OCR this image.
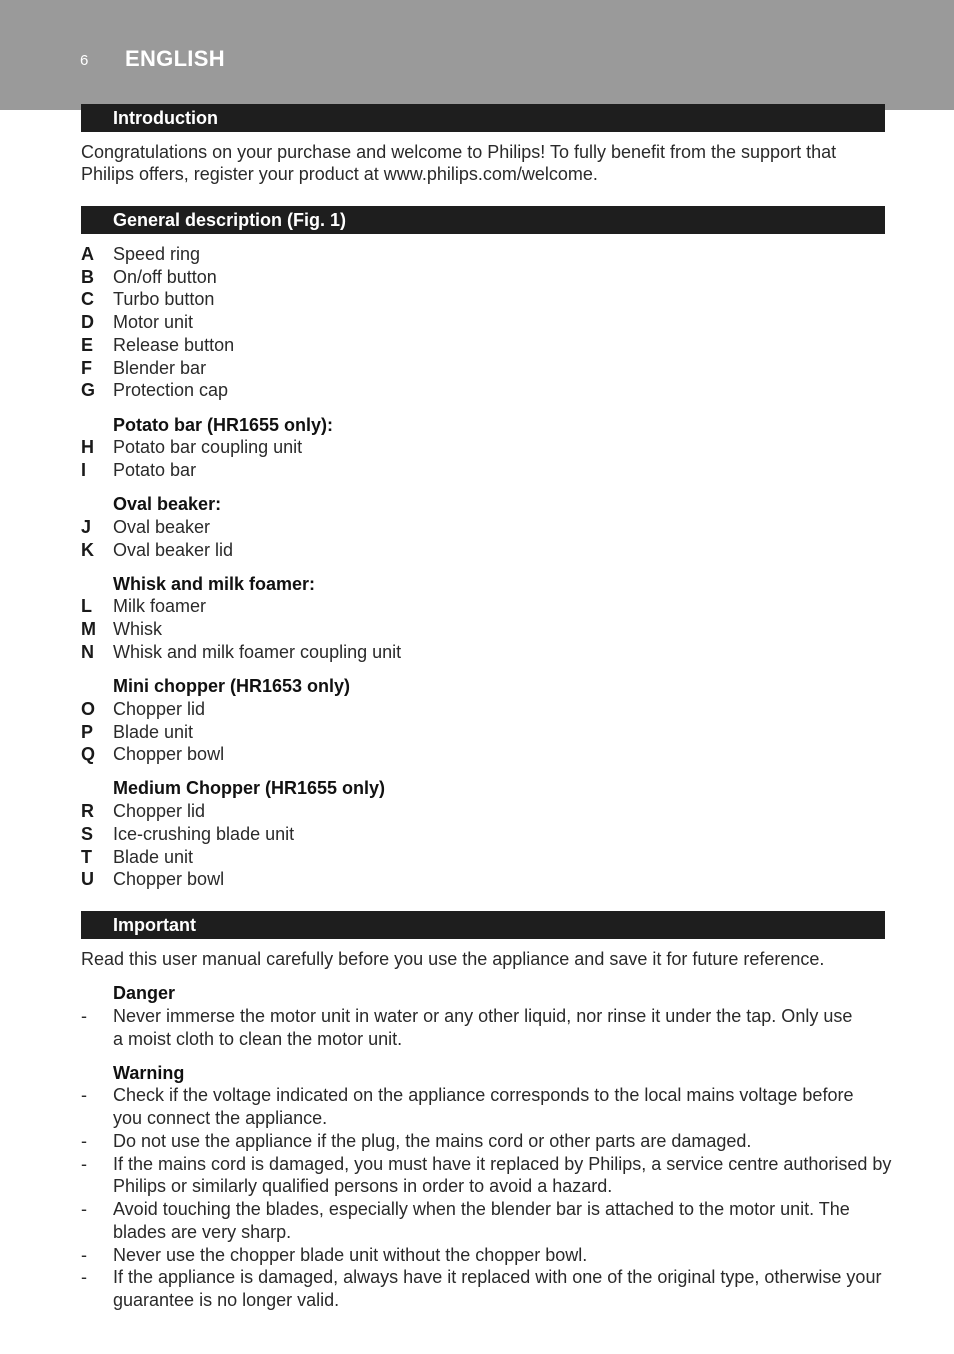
6 ENGLISH
Introduction
Congratulations on your purchase and welcome to Philips! To fully benefit from the support that
Philips offers, register your product at www.philips.com/welcome.
General description (Fig. 1)
A Speed ring
B On/off button
C Turbo button
D Motor unit
E Release button
F Blender bar
G Protection cap
Potato bar (HR1655 only):
H Potato bar coupling unit
I Potato bar
Oval beaker:
J Oval beaker
K Oval beaker lid
Whisk and milk foamer:
L Milk foamer
M Whisk
N Whisk and milk foamer coupling unit
Mini chopper (HR1653 only)
O Chopper lid
P Blade unit
Q Chopper bowl
Medium Chopper (HR1655 only)
R Chopper lid
S Ice-crushing blade unit
T Blade unit
U Chopper bowl
Important
Read this user manual carefully before you use the appliance and save it for future reference.
Danger
- Never immerse the motor unit in water or any other liquid, nor rinse it under the tap. Only use
a moist cloth to clean the motor unit.
Warning
- Check if the voltage indicated on the appliance corresponds to the local mains voltage before
you connect the appliance.
- Do not use the appliance if the plug, the mains cord or other parts are damaged.
- If the mains cord is damaged, you must have it replaced by Philips, a service centre authorised by
Philips or similarly qualified persons in order to avoid a hazard.
- Avoid touching the blades, especially when the blender bar is attached to the motor unit. The
blades are very sharp.
- Never use the chopper blade unit without the chopper bowl.
- If the appliance is damaged, always have it replaced with one of the original type, otherwise your
guarantee is no longer valid.
